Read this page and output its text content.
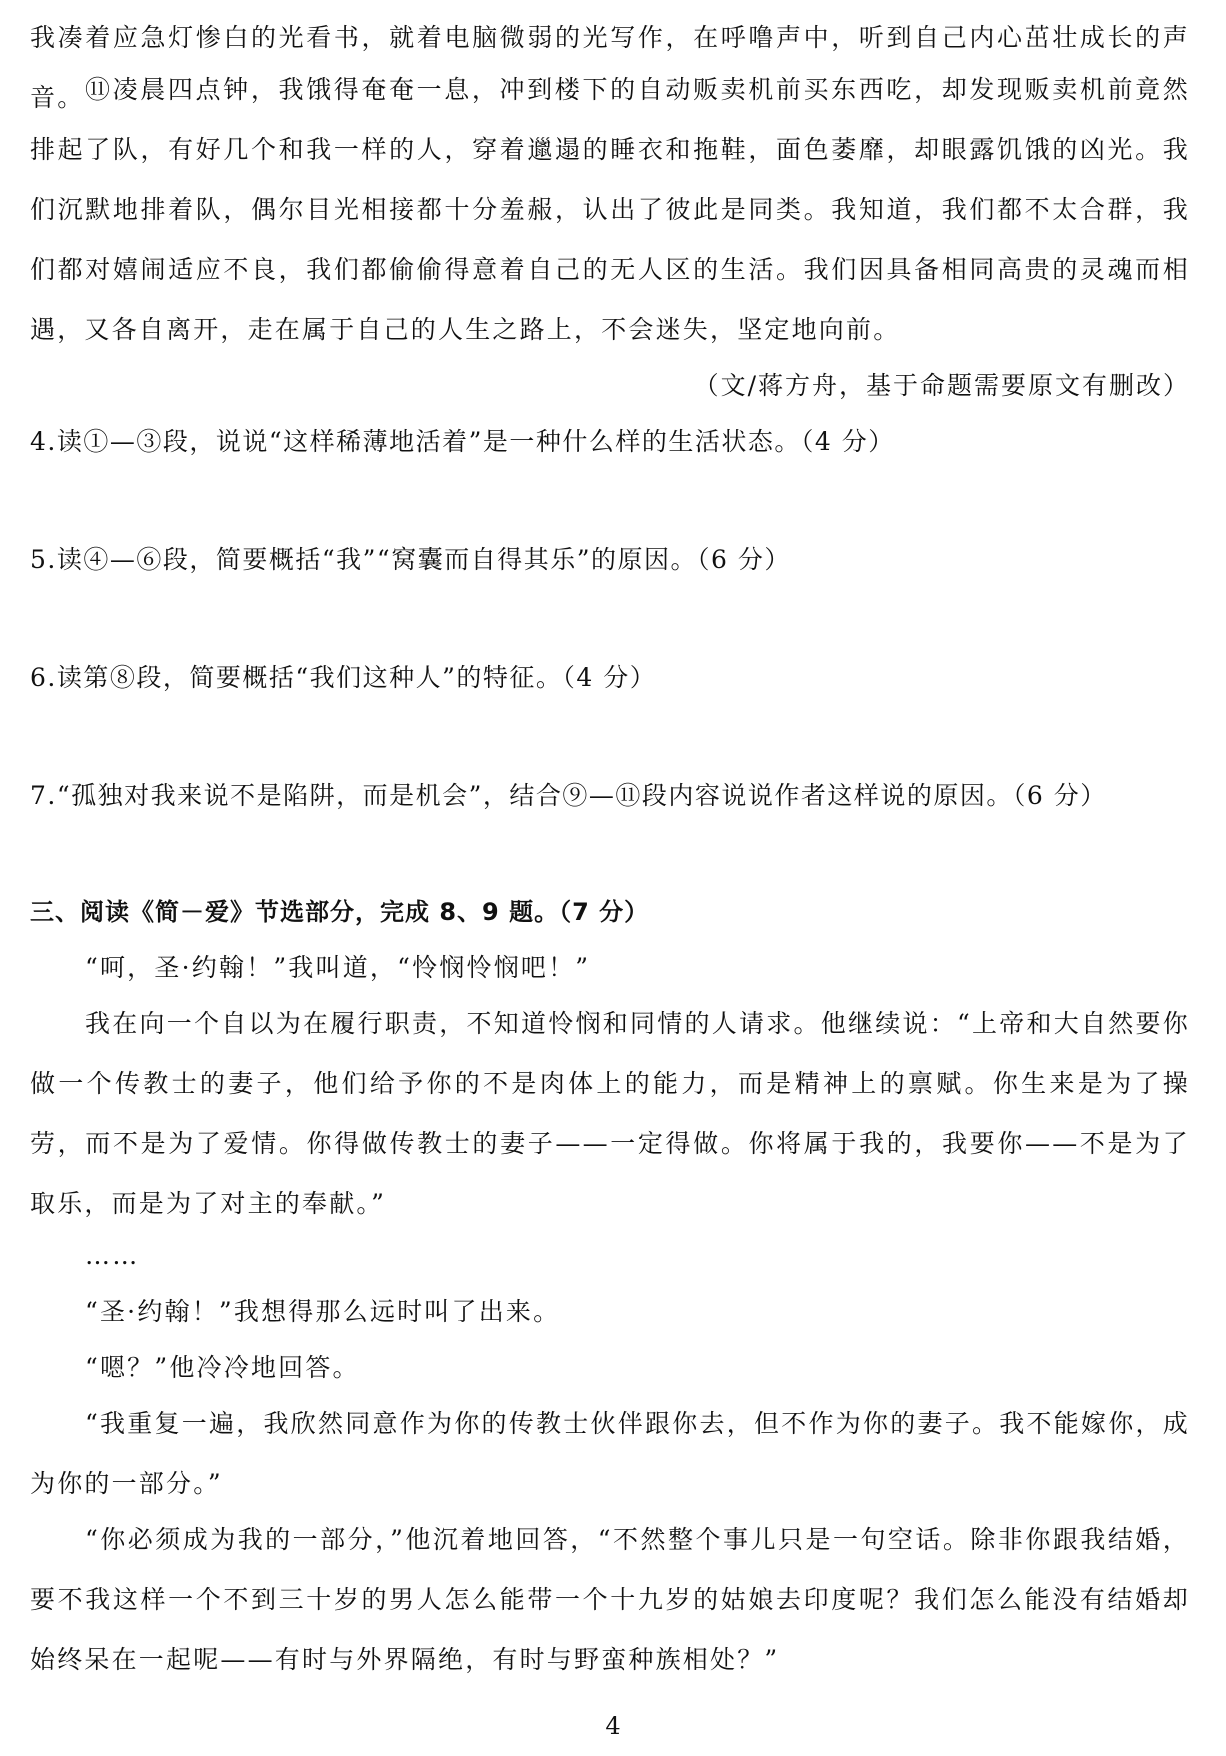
我凑着应急灯惨白的光看书，就着电脑微弱的光写作，在呼噜声中，听到自己内心茁壮成长的声音。 ⑪凌晨四点钟，我饿得奄奄一息，冲到楼下的自动贩卖机前买东西吃，却发现贩卖机前竟然排起了队，有好几个和我一样的人，穿着邋遢的睡衣和拖鞋，面色萎靡，却眼露饥饿的凶光。我们沉默地排着队，偶尔目光相接都十分羞赧，认出了彼此是同类。我知道，我们都不太合群，我们都对嬉闹适应不良，我们都偷偷得意着自己的无人区的生活。我们因具备相同高贵的灵魂而相遇，又各自离开，走在属于自己的人生之路上，不会迷失，坚定地向前。

（文/蒋方舟，基于命题需要原文有删改）

4.读①—③段，说说“这样稀薄地活着”是一种什么样的生活状态。（4 分）

5.读④—⑥段，简要概括“我”“窝囊而自得其乐”的原因。（6 分）

6.读第⑧段，简要概括“我们这种人”的特征。（4 分）

7.“孤独对我来说不是陷阱，而是机会”，结合⑨—⑪段内容说说作者这样说的原因。（6 分）

三、阅读《简－爱》节选部分，完成 8、9 题。（7 分）

“呵，圣·约翰！”我叫道，“怜悯怜悯吧！”

我在向一个自以为在履行职责，不知道怜悯和同情的人请求。他继续说：“上帝和大自然要你做一个传教士的妻子，他们给予你的不是肉体上的能力，而是精神上的禀赋。你生来是为了操劳，而不是为了爱情。你得做传教士的妻子——一定得做。你将属于我的，我要你——不是为了取乐，而是为了对主的奉献。”

……

“圣·约翰！”我想得那么远时叫了出来。

“嗯？”他冷冷地回答。

“我重复一遍，我欣然同意作为你的传教士伙伴跟你去，但不作为你的妻子。我不能嫁你，成为你的一部分。”

“你必须成为我的一部分，”他沉着地回答，“不然整个事儿只是一句空话。除非你跟我结婚，要不我这样一个不到三十岁的男人怎么能带一个十九岁的姑娘去印度呢？我们怎么能没有结婚却始终呆在一起呢——有时与外界隔绝，有时与野蛮种族相处？”

4
